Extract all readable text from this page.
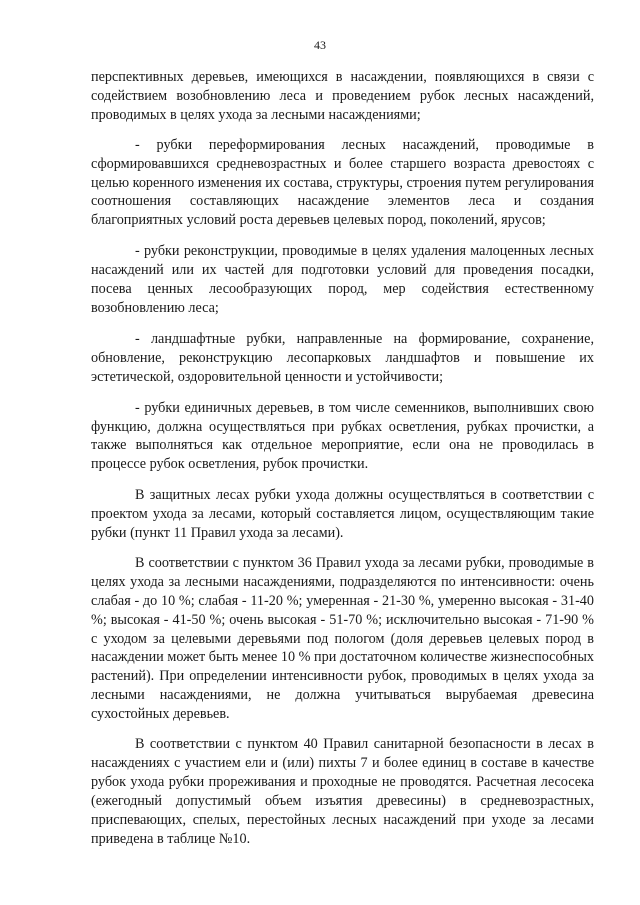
43

перспективных деревьев, имеющихся в насаждении, появляющихся в связи с содействием возобновлению леса и проведением рубок лесных насаждений, проводимых в целях ухода за лесными насаждениями;

- рубки переформирования лесных насаждений, проводимые в сформировавшихся средневозрастных и более старшего возраста древостоях с целью коренного изменения их состава, структуры, строения путем регулирования соотношения составляющих насаждение элементов леса и создания благоприятных условий роста деревьев целевых пород, поколений, ярусов;

- рубки реконструкции, проводимые в целях удаления малоценных лесных насаждений или их частей для подготовки условий для проведения посадки, посева ценных лесообразующих пород, мер содействия естественному возобновлению леса;

- ландшафтные рубки, направленные на формирование, сохранение, обновление, реконструкцию лесопарковых ландшафтов и повышение их эстетической, оздоровительной ценности и устойчивости;

- рубки единичных деревьев, в том числе семенников, выполнивших свою функцию, должна осуществляться при рубках осветления, рубках прочистки, а также выполняться как отдельное мероприятие, если она не проводилась в процессе рубок осветления, рубок прочистки.

В защитных лесах рубки ухода должны осуществляться в соответствии с проектом ухода за лесами, который составляется лицом, осуществляющим такие рубки (пункт 11 Правил ухода за лесами).

В соответствии с пунктом 36 Правил ухода за лесами рубки, проводимые в целях ухода за лесными насаждениями, подразделяются по интенсивности: очень слабая - до 10 %; слабая - 11-20 %; умеренная - 21-30 %, умеренно высокая - 31-40 %; высокая - 41-50 %; очень высокая - 51-70 %; исключительно высокая - 71-90 % с уходом за целевыми деревьями под пологом (доля деревьев целевых пород в насаждении может быть менее 10 % при достаточном количестве жизнеспособных растений). При определении интенсивности рубок, проводимых в целях ухода за лесными насаждениями, не должна учитываться вырубаемая древесина сухостойных деревьев.

В соответствии с пунктом 40 Правил санитарной безопасности в лесах в насаждениях с участием ели и (или) пихты 7 и более единиц в составе в качестве рубок ухода рубки прореживания и проходные не проводятся. Расчетная лесосека (ежегодный допустимый объем изъятия древесины) в средневозрастных, приспевающих, спелых, перестойных лесных насаждений при уходе за лесами приведена в таблице №10.
